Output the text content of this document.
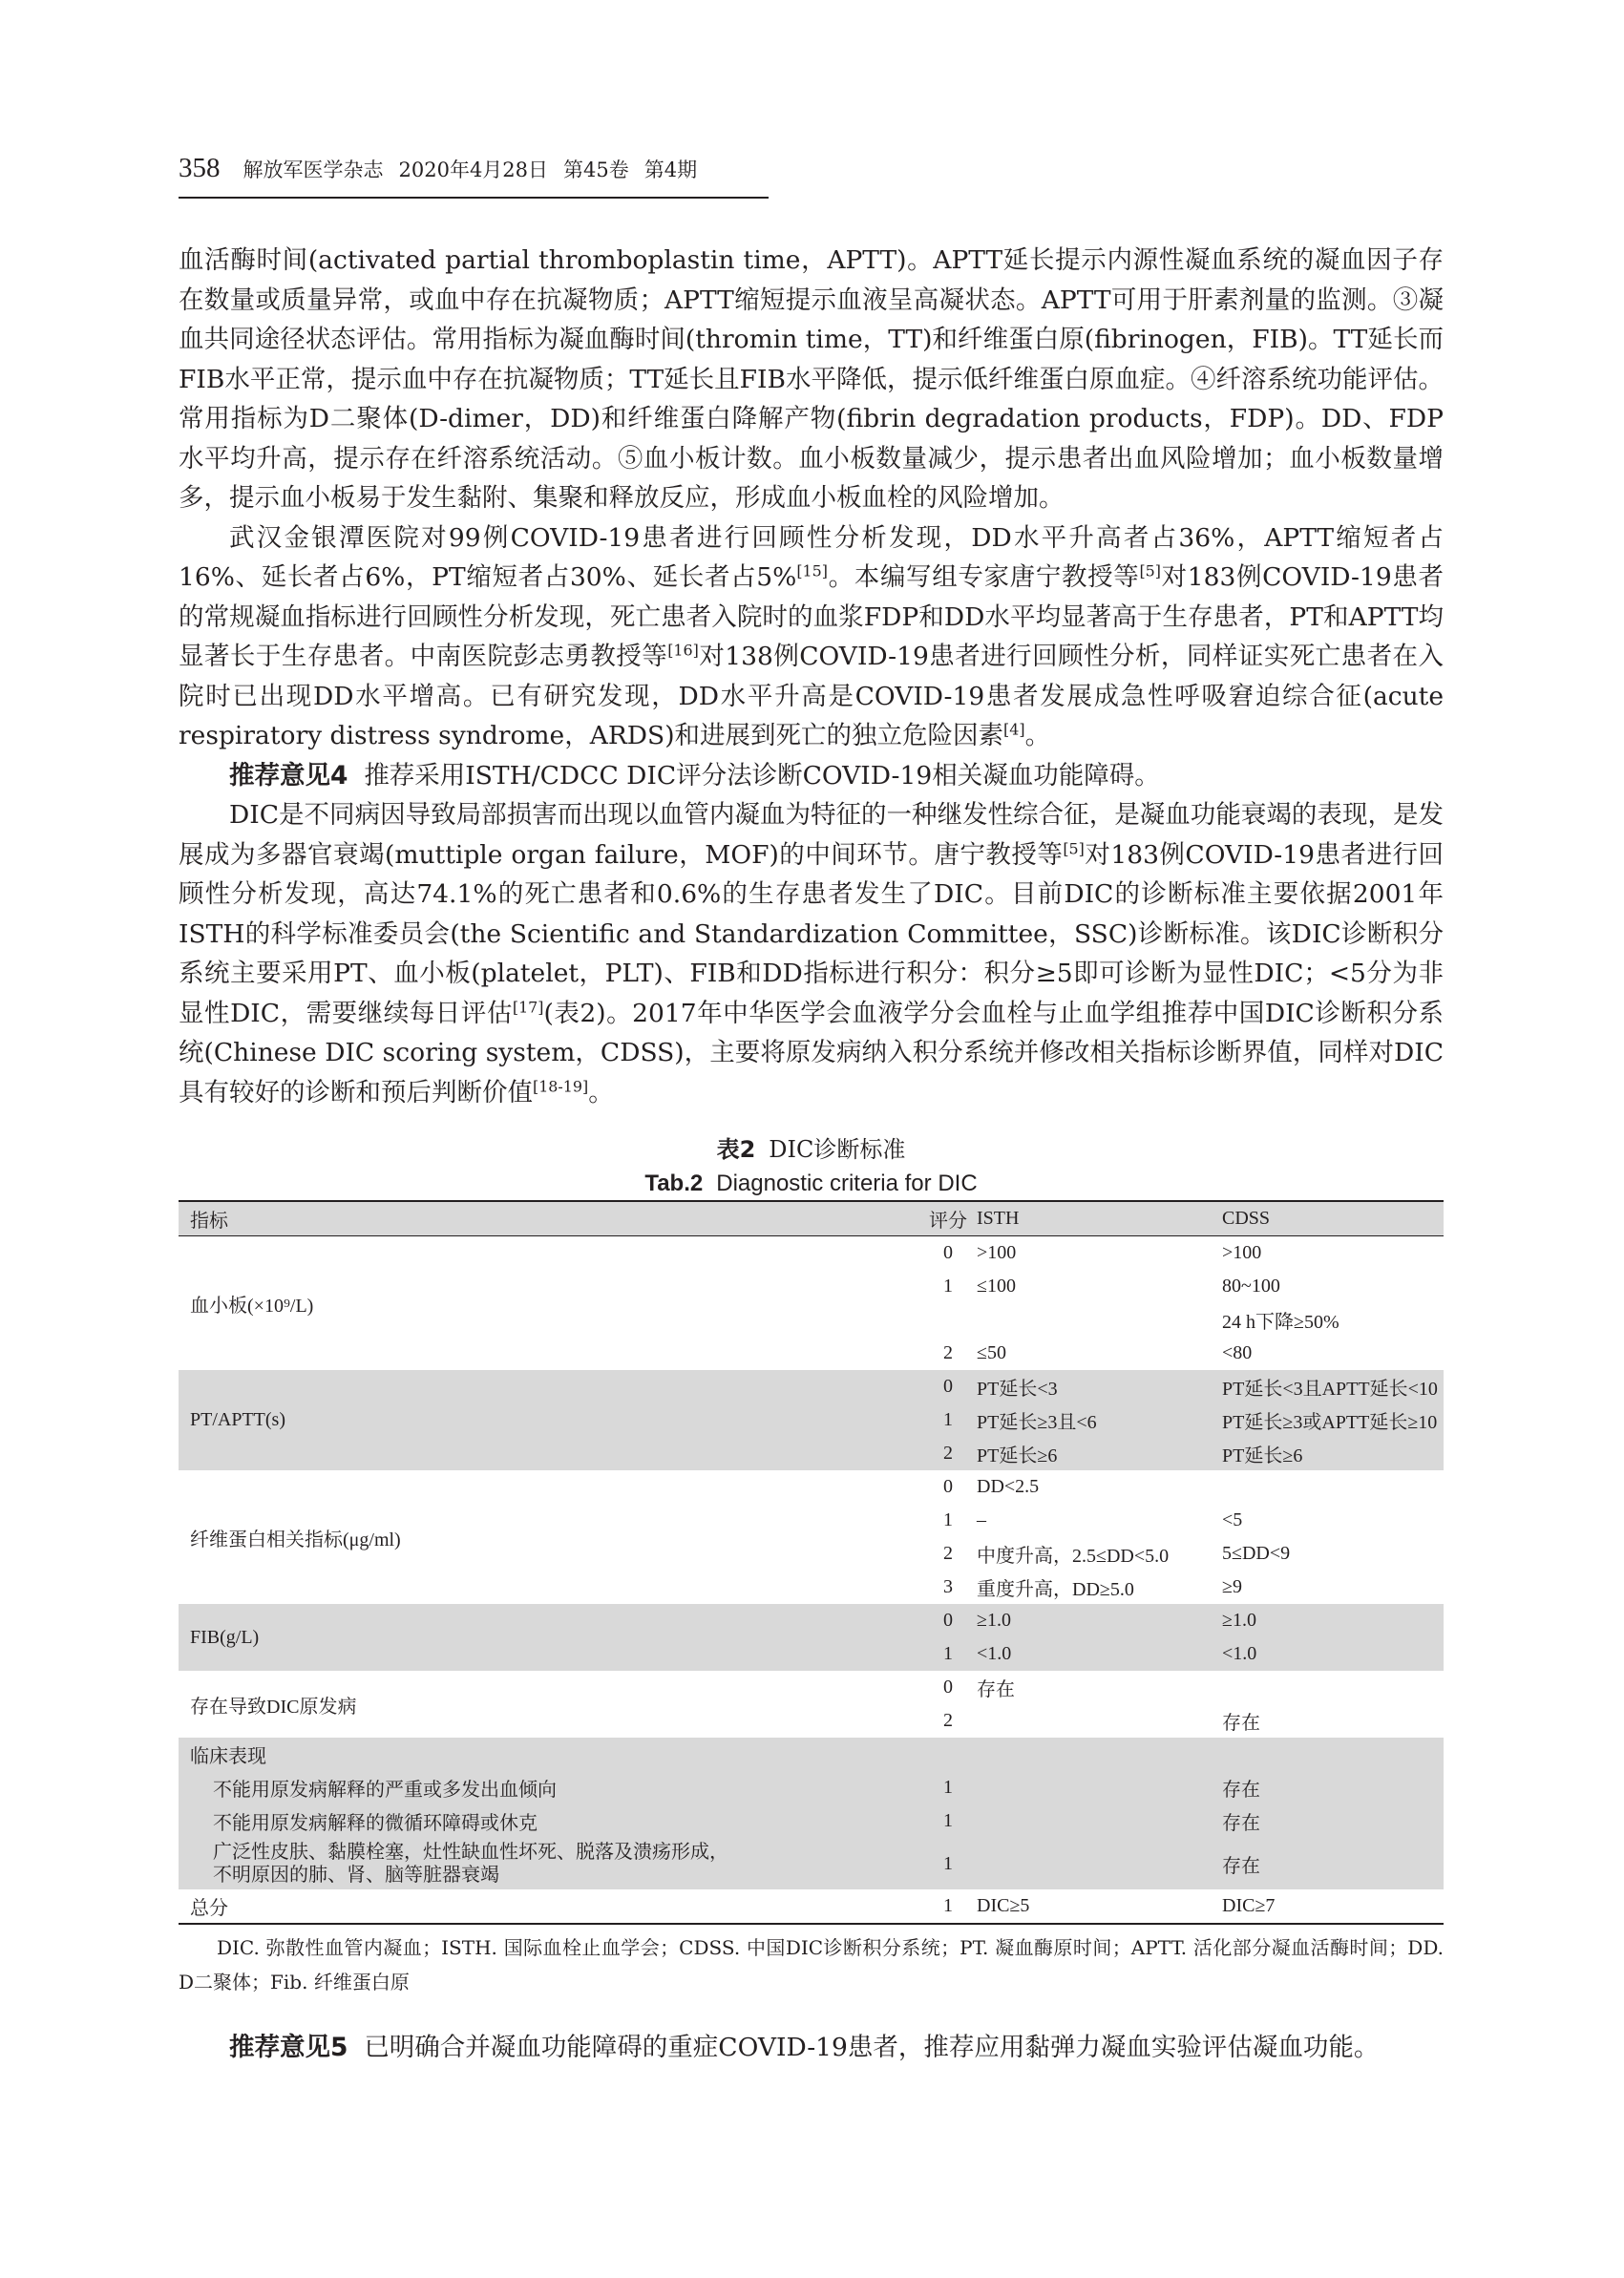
358 解放军医学杂志 2020年4月28日 第45卷 第4期

血活酶时间(activated partial thromboplastin time，APTT)。APTT延长提示内源性凝血系统的凝血因子存在数量或质量异常，或血中存在抗凝物质；APTT缩短提示血液呈高凝状态。APTT可用于肝素剂量的监测。③凝血共同途径状态评估。常用指标为凝血酶时间(thromin time，TT)和纤维蛋白原(fibrinogen，FIB)。TT延长而FIB水平正常，提示血中存在抗凝物质；TT延长且FIB水平降低，提示低纤维蛋白原血症。④纤溶系统功能评估。常用指标为D二聚体(D-dimer，DD)和纤维蛋白降解产物(fibrin degradation products，FDP)。DD、FDP水平均升高，提示存在纤溶系统活动。⑤血小板计数。血小板数量减少，提示患者出血风险增加；血小板数量增多，提示血小板易于发生黏附、集聚和释放反应，形成血小板血栓的风险增加。

武汉金银潭医院对99例COVID-19患者进行回顾性分析发现，DD水平升高者占36%，APTT缩短者占16%、延长者占6%，PT缩短者占30%、延长者占5%[15]。本编写组专家唐宁教授等[5]对183例COVID-19患者的常规凝血指标进行回顾性分析发现，死亡患者入院时的血浆FDP和DD水平均显著高于生存患者，PT和APTT均显著长于生存患者。中南医院彭志勇教授等[16]对138例COVID-19患者进行回顾性分析，同样证实死亡患者在入院时已出现DD水平增高。已有研究发现，DD水平升高是COVID-19患者发展成急性呼吸窘迫综合征(acute respiratory distress syndrome，ARDS)和进展到死亡的独立危险因素[4]。

推荐意见4 推荐采用ISTH/CDCC DIC评分法诊断COVID-19相关凝血功能障碍。

DIC是不同病因导致局部损害而出现以血管内凝血为特征的一种继发性综合征，是凝血功能衰竭的表现，是发展成为多器官衰竭(muttiple organ failure，MOF)的中间环节。唐宁教授等[5]对183例COVID-19患者进行回顾性分析发现，高达74.1%的死亡患者和0.6%的生存患者发生了DIC。目前DIC的诊断标准主要依据2001年ISTH的科学标准委员会(the Scientific and Standardization Committee，SSC)诊断标准。该DIC诊断积分系统主要采用PT、血小板(platelet，PLT)、FIB和DD指标进行积分：积分≥5即可诊断为显性DIC；<5分为非显性DIC，需要继续每日评估[17](表2)。2017年中华医学会血液学分会血栓与止血学组推荐中国DIC诊断积分系统(Chinese DIC scoring system，CDSS)，主要将原发病纳入积分系统并修改相关指标诊断界值，同样对DIC具有较好的诊断和预后判断价值[18-19]。

表2 DIC诊断标准
Tab.2 Diagnostic criteria for DIC
指标	评分	ISTH	CDSS
血小板(×10⁹/L)	0	>100	>100
	1	≤100	80~100
			24 h下降≥50%
	2	≤50	<80
PT/APTT(s)	0	PT延长<3	PT延长<3且APTT延长<10
	1	PT延长≥3且<6	PT延长≥3或APTT延长≥10
	2	PT延长≥6	PT延长≥6
纤维蛋白相关指标(μg/ml)	0	DD<2.5	
	1	–	<5
	2	中度升高，2.5≤DD<5.0	5≤DD<9
	3	重度升高，DD≥5.0	≥9
FIB(g/L)	0	≥1.0	≥1.0
	1	<1.0	<1.0
存在导致DIC原发病	0	存在	
	2		存在
临床表现			
不能用原发病解释的严重或多发出血倾向	1		存在
不能用原发病解释的微循环障碍或休克	1		存在
广泛性皮肤、黏膜栓塞，灶性缺血性坏死、脱落及溃疡形成，
不明原因的肺、肾、脑等脏器衰竭	1		存在
总分	1	DIC≥5	DIC≥7

DIC. 弥散性血管内凝血；ISTH. 国际血栓止血学会；CDSS. 中国DIC诊断积分系统；PT. 凝血酶原时间；APTT. 活化部分凝血活酶时间；DD. D二聚体；Fib. 纤维蛋白原

推荐意见5 已明确合并凝血功能障碍的重症COVID-19患者，推荐应用黏弹力凝血实验评估凝血功能。
